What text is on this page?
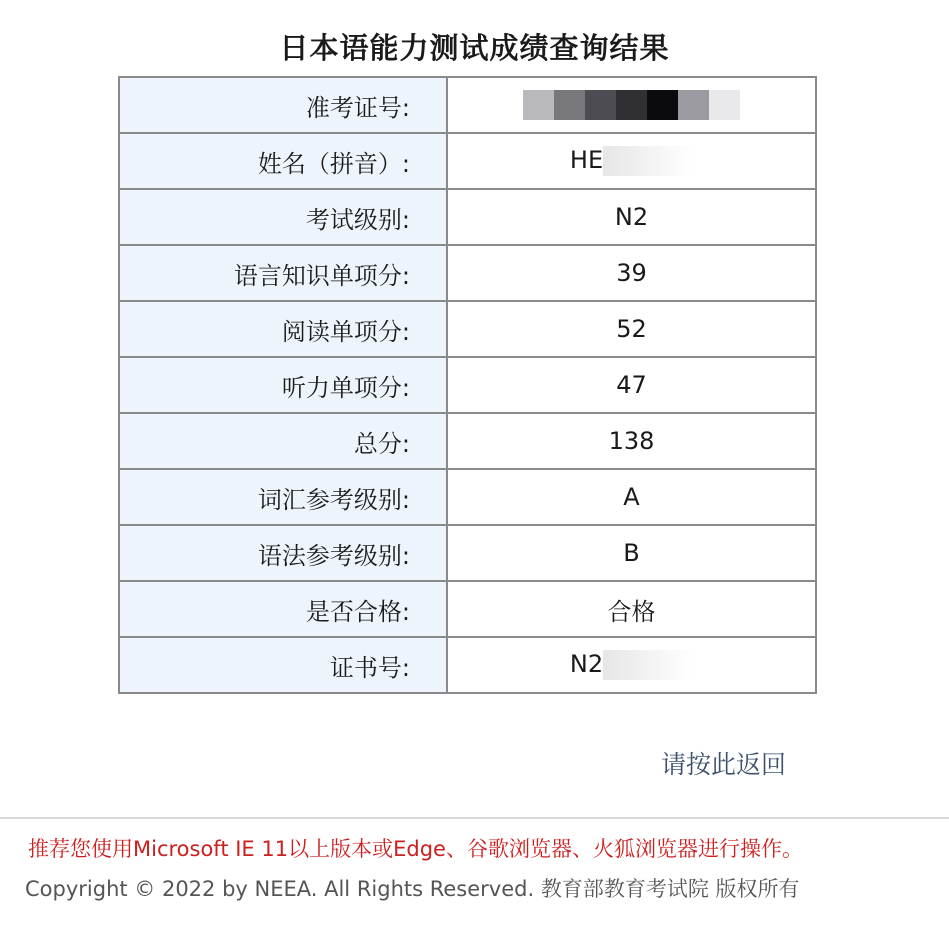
日本语能力测试成绩查询结果
准考证号:	

姓名（拼音）:	HE
考试级别:	N2
语言知识单项分:	39
阅读单项分:	52
听力单项分:	47
总分:	138
词汇参考级别:	A
语法参考级别:	B
是否合格:	合格
证书号:	N2
请按此返回
推荐您使用Microsoft IE 11以上版本或Edge、谷歌浏览器、火狐浏览器进行操作。
Copyright © 2022 by NEEA. All Rights Reserved. 教育部教育考试院 版权所有
